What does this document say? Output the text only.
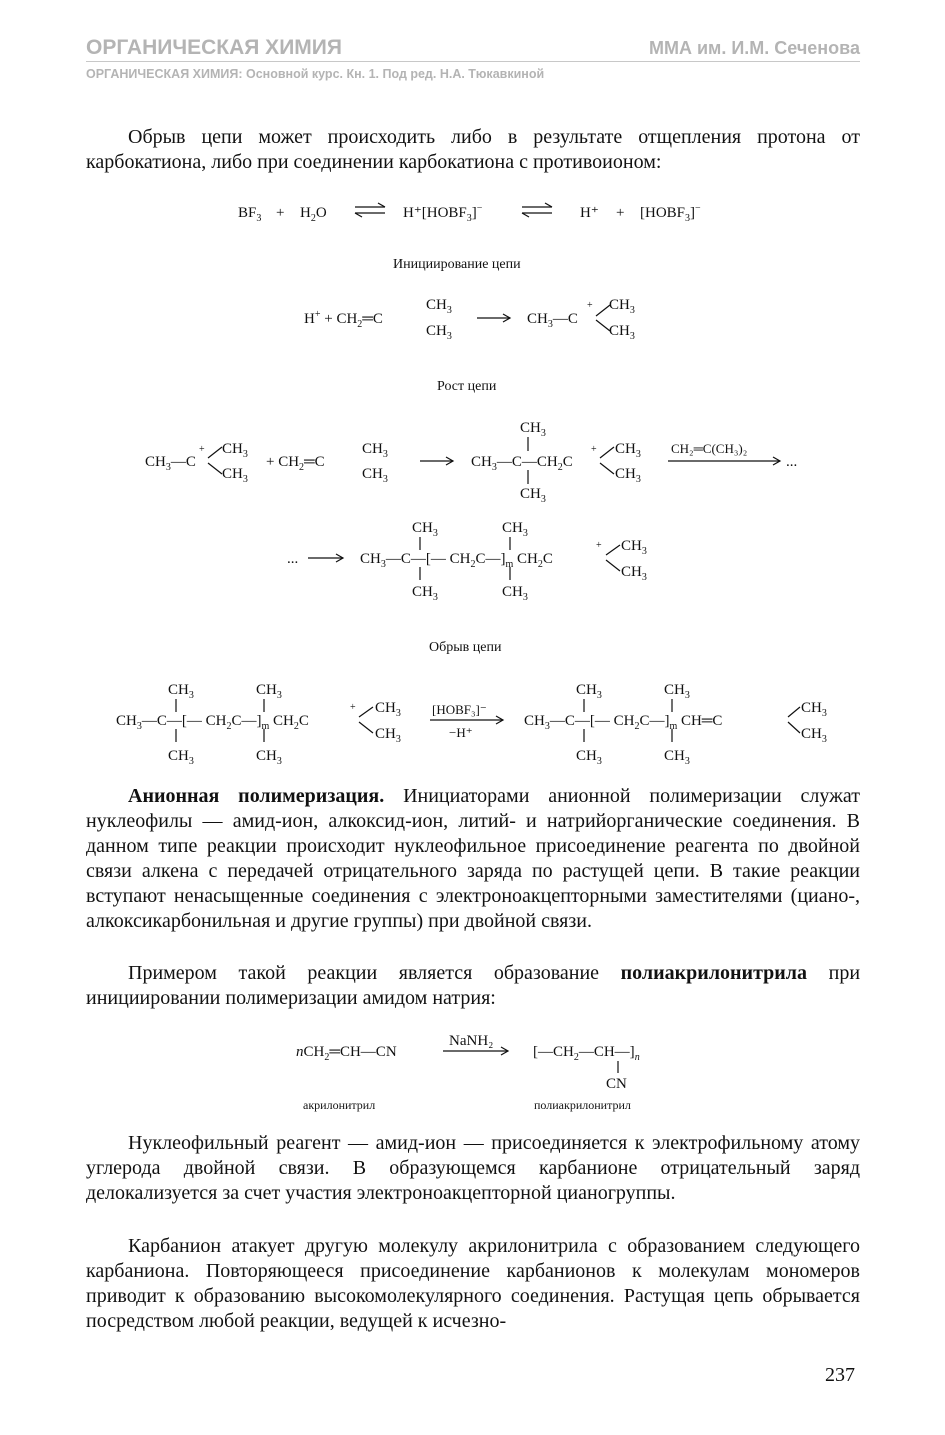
ОРГАНИЧЕСКАЯ ХИМИЯ	ММА им. И.М. Сеченова
ОРГАНИЧЕСКАЯ ХИМИЯ: Основной курс. Кн. 1. Под ред. Н.А. Тюкавкиной

Обрыв цепи может происходить либо в результате отщепления протона от карбокатиона, либо при соединении карбокатиона с противоионом:

$BF_3 + H_2O$	$H^+[HOBF_3]^-$	$H^+ + [HOBF_3]^-$
Инициирование цепи
$H^+ + CH_2═C$
$CH_3$
$CH_3$
$CH_3—C$
+ $CH_3$
$CH_3$
Рост цепи
$CH_3—C$
+ $CH_3$
$CH_3$
+ $CH_2═C$
$CH_3$
$CH_3$
$CH_3$
$CH_3—C—CH_2C$
$CH_3$
+ $CH_3$
$CH_3$
CH₂═C(CH₃)₂
...
...
$CH_3$	$CH_3$
$CH_3—C—[—$ $CH_2C—]_m$ $CH_2C$
$CH_3$	$CH_3$
+ $CH_3$
$CH_3$
Обрыв цепи
$CH_3$	$CH_3$
$CH_3—C—[—$ $CH_2C—]_m$ $CH_2C$
$CH_3$	$CH_3$
+ $CH_3$
$CH_3$
[HOBF₃]⁻
−H⁺
$CH_3$	$CH_3$
$CH_3—C—[—$ $CH_2C—]_m$ CH═C
$CH_3$	$CH_3$
$CH_3$
$CH_3$

Анионная полимеризация. Инициаторами анионной полимеризации служат нуклеофилы — амид-ион, алкоксид-ион, литий- и натрийорганические соединения. В данном типе реакции происходит нуклеофильное присоединение реагента по двойной связи алкена с передачей отрицательного заряда по растущей цепи. В такие реакции вступают ненасыщенные соединения с электроноакцепторными заместителями (циано-, алкоксикарбонильная и другие группы) при двойной связи.

Примером такой реакции является образование полиакрилонитрила при инициировании полимеризации амидом натрия:

nCH$_2$═CH—CN
NaNH₂
$[—CH_2—CH—]_n$
CN
акрилонитрил	полиакрилонитрил

Нуклеофильный реагент — амид-ион — присоединяется к электрофильному атому углерода двойной связи. В образующемся карбанионе отрицательный заряд делокализуется за счет участия электроноакцепторной цианогруппы.

Карбанион атакует другую молекулу акрилонитрила с образованием следующего карбаниона. Повторяющееся присоединение карбанионов к молекулам мономеров приводит к образованию высокомолекулярного соединения. Растущая цепь обрывается посредством любой реакции, ведущей к исчезно-

237
